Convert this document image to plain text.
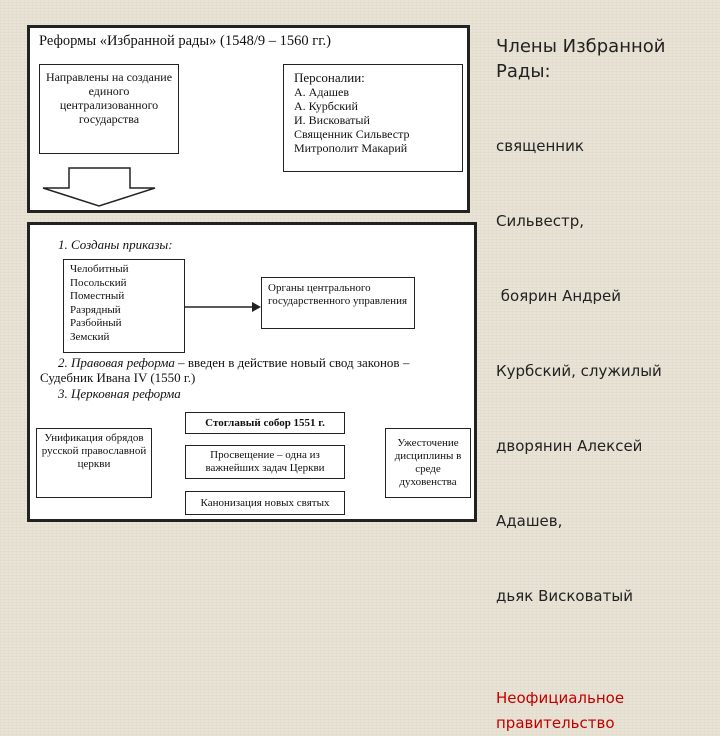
Реформы «Избранной рады» (1548/9 – 1560 гг.)
Направлены на создание единого централизованного государства
Персоналии:
А. Адашев
А. Курбский
И. Висковатый
Священник Сильвестр
Митрополит Макарий
1. Созданы приказы:
Челобитный
Посольский
Поместный
Разрядный
Разбойный
Земский
Органы центрального государственного управления
2. Правовая реформа – введен в действие новый свод законов –
Судебник Ивана IV (1550 г.)
3. Церковная реформа
Стоглавый собор 1551 г.
Унификация обрядов русской православной церкви
Просвещение – одна из важнейших задач Церкви
Ужесточение дисциплины в среде духовенства
Канонизация новых святых
Члены Избранной Рады:

священник

Сильвестр,

боярин Андрей

Курбский, служилый

дворянин Алексей

Адашев,

дьяк Висковатый

Неофициальное
правительство
